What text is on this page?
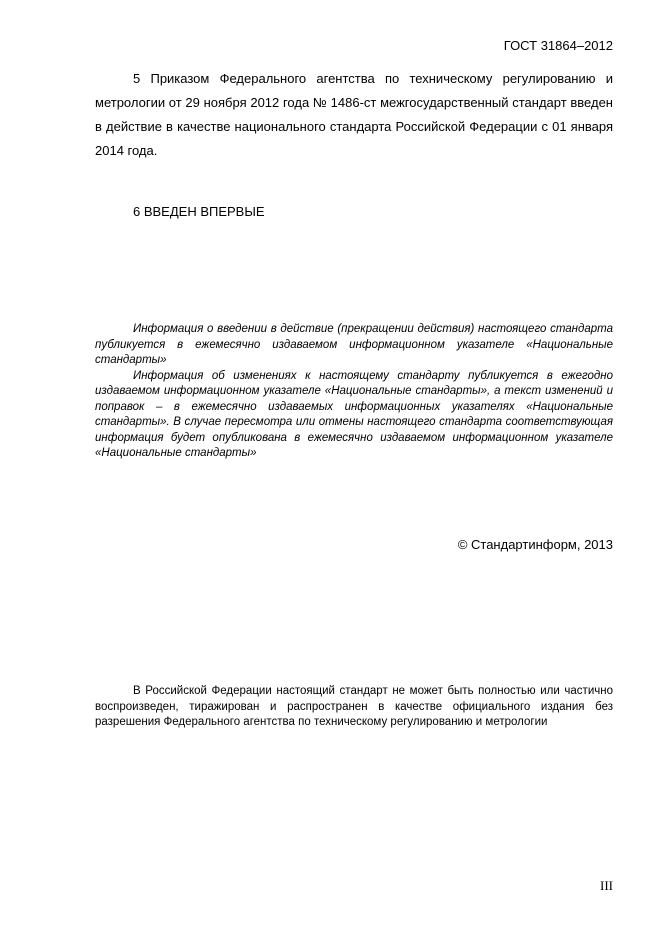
ГОСТ 31864–2012

5 Приказом Федерального агентства по техническому регулированию и метрологии от 29 ноября 2012 года № 1486-ст межгосударственный стандарт введен в действие в качестве национального стандарта Российской Федерации с 01 января 2014 года.

6 ВВЕДЕН ВПЕРВЫЕ

Информация о введении в действие (прекращении действия) настоящего стандарта публикуется в ежемесячно издаваемом информационном указателе «Национальные стандарты»

Информация об изменениях к настоящему стандарту публикуется в ежегодно издаваемом информационном указателе «Национальные стандарты», а текст изменений и поправок – в ежемесячно издаваемых информационных указателях «Национальные стандарты». В случае пересмотра или отмены настоящего стандарта соответствующая информация будет опубликована в ежемесячно издаваемом информационном указателе «Национальные стандарты»

© Стандартинформ, 2013

В Российской Федерации настоящий стандарт не может быть полностью или частично воспроизведен, тиражирован и распространен в качестве официального издания без разрешения Федерального агентства по техническому регулированию и метрологии

III
